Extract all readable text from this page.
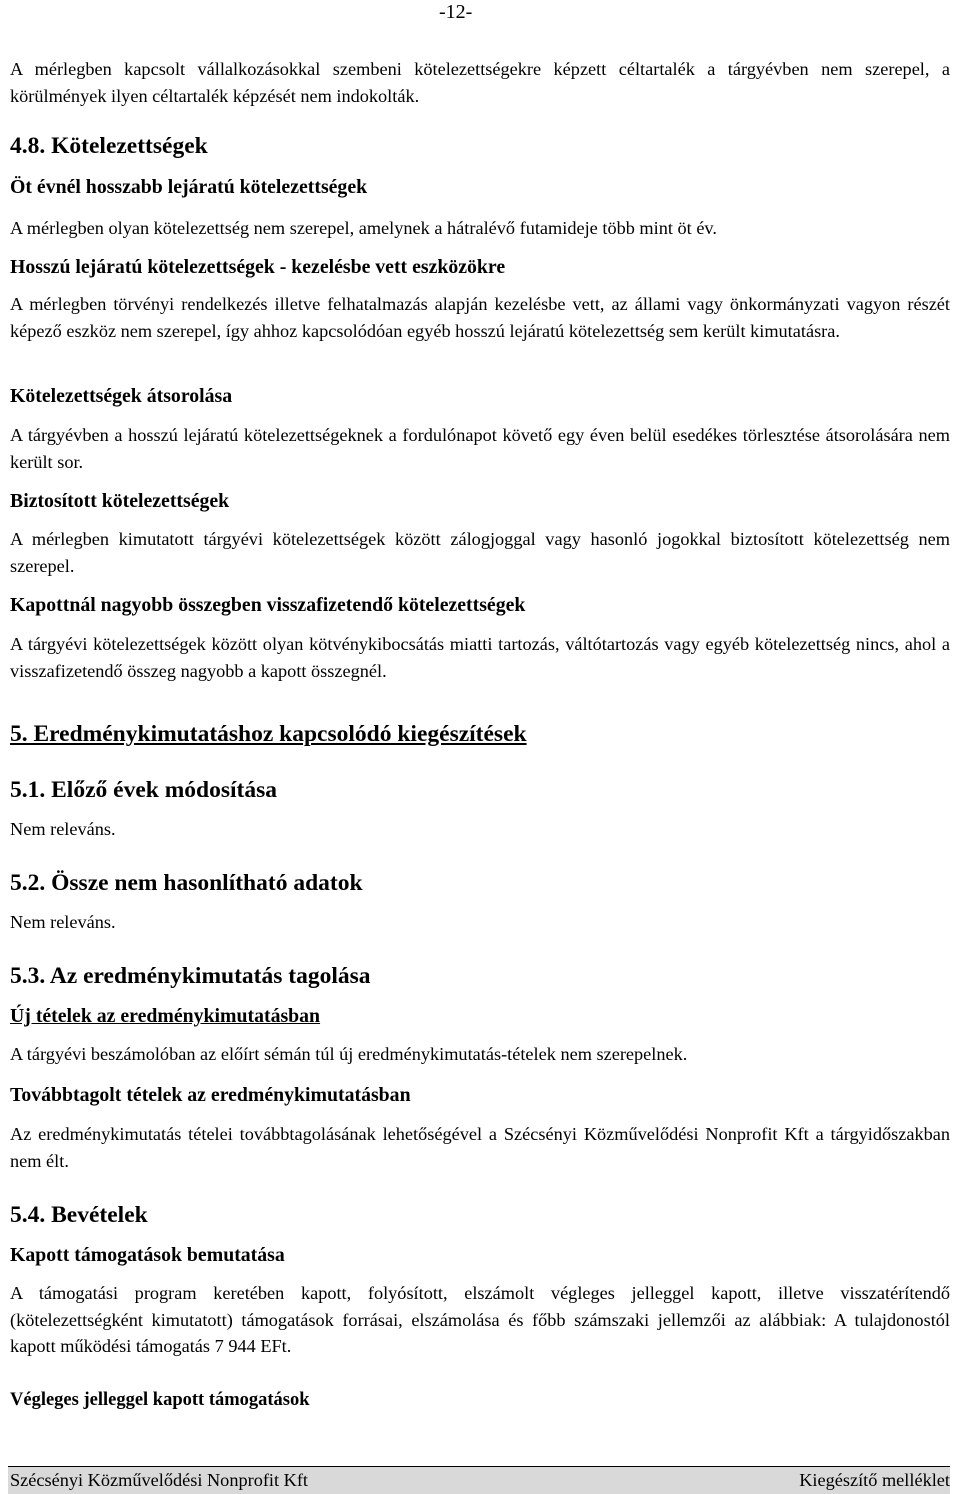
-12-

A mérlegben kapcsolt vállalkozásokkal szembeni kötelezettségekre képzett céltartalék a tárgyévben nem szerepel, a körülmények ilyen céltartalék képzését nem indokolták.

4.8. Kötelezettségek
Öt évnél hosszabb lejáratú kötelezettségek

A mérlegben olyan kötelezettség nem szerepel, amelynek a hátralévő futamideje több mint öt év.

Hosszú lejáratú kötelezettségek - kezelésbe vett eszközökre

A mérlegben törvényi rendelkezés illetve felhatalmazás alapján kezelésbe vett, az állami vagy önkormányzati vagyon részét képező eszköz nem szerepel, így ahhoz kapcsolódóan egyéb hosszú lejáratú kötelezettség sem került kimutatásra.

Kötelezettségek átsorolása

A tárgyévben a hosszú lejáratú kötelezettségeknek a fordulónapot követő egy éven belül esedékes törlesztése átsorolására nem került sor.

Biztosított kötelezettségek

A mérlegben kimutatott tárgyévi kötelezettségek között zálogjoggal vagy hasonló jogokkal biztosított kötelezettség nem szerepel.

Kapottnál nagyobb összegben visszafizetendő kötelezettségek

A tárgyévi kötelezettségek között olyan kötvénykibocsátás miatti tartozás, váltótartozás vagy egyéb kötelezettség nincs, ahol a visszafizetendő összeg nagyobb a kapott összegnél.

5. Eredménykimutatáshoz kapcsolódó kiegészítések
5.1. Előző évek módosítása

Nem releváns.

5.2. Össze nem hasonlítható adatok

Nem releváns.

5.3. Az eredménykimutatás tagolása
Új tételek az eredménykimutatásban

A tárgyévi beszámolóban az előírt sémán túl új eredménykimutatás-tételek nem szerepelnek.

Továbbtagolt tételek az eredménykimutatásban

Az eredménykimutatás tételei továbbtagolásának lehetőségével a Szécsényi Közművelődési Nonprofit Kft a tárgyidőszakban nem élt.

5.4. Bevételek
Kapott támogatások bemutatása

A támogatási program keretében kapott, folyósított, elszámolt végleges jelleggel kapott, illetve visszatérítendő (kötelezettségként kimutatott) támogatások forrásai, elszámolása és főbb számszaki jellemzői az alábbiak: A tulajdonostól kapott működési támogatás 7 944 EFt.

Végleges jelleggel kapott támogatások
Szécsényi Közművelődési Nonprofit Kft	Kiegészítő melléklet
